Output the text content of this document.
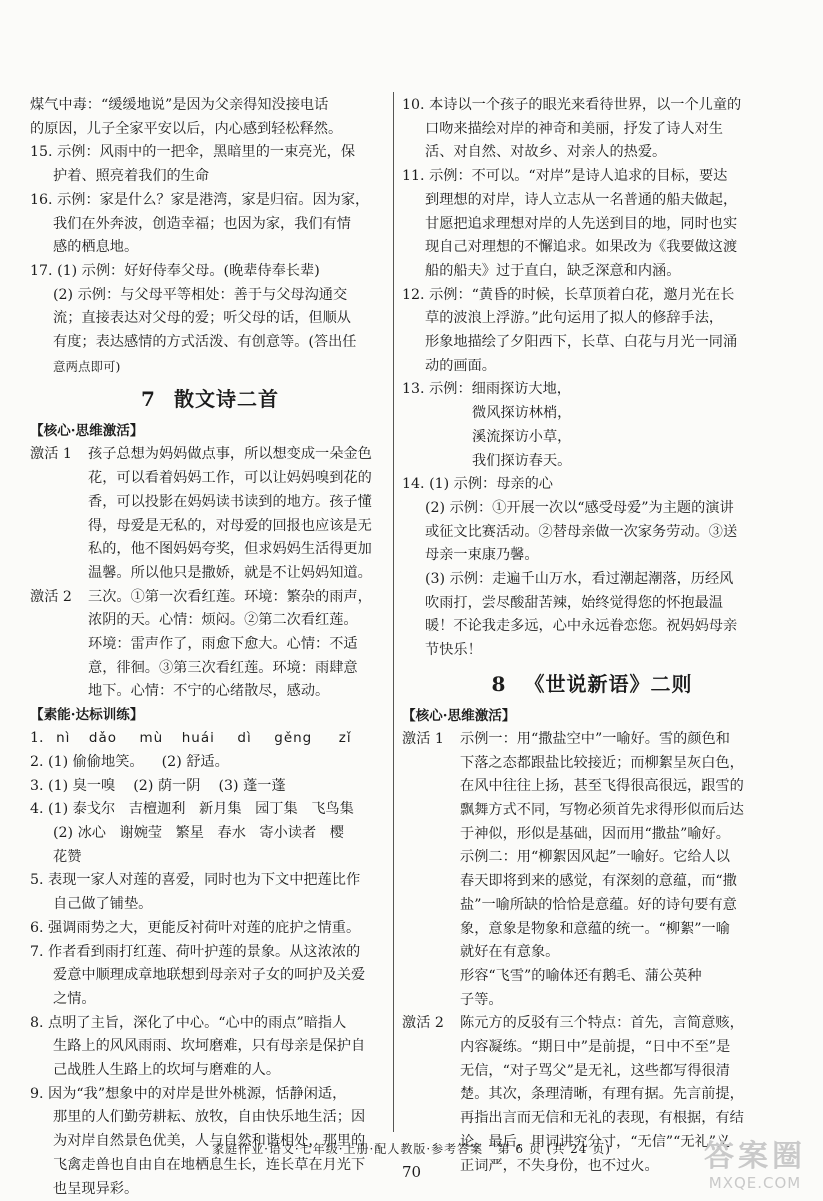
煤气中毒：“缓缓地说”是因为父亲得知没接电话
的原因，儿子全家平安以后，内心感到轻松释然。
15. 示例：风雨中的一把伞，黑暗里的一束亮光，保
护着、照亮着我们的生命
16. 示例：家是什么？家是港湾，家是归宿。因为家，
我们在外奔波，创造幸福；也因为家，我们有情
感的栖息地。
17. (1) 示例：好好侍奉父母。(晚辈侍奉长辈)
(2) 示例：与父母平等相处：善于与父母沟通交
流；直接表达对父母的爱；听父母的话，但顺从
有度；表达感情的方式活泼、有创意等。(答出任
意两点即可)
7 散文诗二首
【核心·思维激活】
激活 1	孩子总想为妈妈做点事，所以想变成一朵金色
花，可以看着妈妈工作，可以让妈妈嗅到花的
香，可以投影在妈妈读书读到的地方。孩子懂
得，母爱是无私的，对母爱的回报也应该是无
私的，他不图妈妈夸奖，但求妈妈生活得更加
温馨。所以他只是撒娇，就是不让妈妈知道。
激活 2	三次。①第一次看红莲。环境：繁杂的雨声，
浓阴的天。心情：烦闷。②第二次看红莲。
环境：雷声作了，雨愈下愈大。心情：不适
意，徘徊。③第三次看红莲。环境：雨肆意
地下。心情：不宁的心绪散尽，感动。
【素能·达标训练】
1. nì dǎo mù huái dì gěng zǐ
2. (1) 偷偷地笑。    (2) 舒适。
3. (1) 臭一嗅    (2) 荫一阴    (3) 蓬一蓬
4. (1) 泰戈尔   吉檀迦利   新月集   园丁集   飞鸟集
(2) 冰心   谢婉莹   繁星   春水   寄小读者   樱
花赞
5. 表现一家人对莲的喜爱，同时也为下文中把莲比作
自己做了铺垫。
6. 强调雨势之大，更能反衬荷叶对莲的庇护之情重。
7. 作者看到雨打红莲、荷叶护莲的景象。从这浓浓的
爱意中顺理成章地联想到母亲对子女的呵护及关爱
之情。
8. 点明了主旨，深化了中心。“心中的雨点”暗指人
生路上的风风雨雨、坎坷磨难，只有母亲是保护自
己战胜人生路上的坎坷与磨难的人。
9. 因为“我”想象中的对岸是世外桃源，恬静闲适，
那里的人们勤劳耕耘、放牧，自由快乐地生活；因
为对岸自然景色优美，人与自然和谐相处，那里的
飞禽走兽也自由自在地栖息生长，连长草在月光下
也呈现异彩。
10. 本诗以一个孩子的眼光来看待世界，以一个儿童的
口吻来描绘对岸的神奇和美丽，抒发了诗人对生
活、对自然、对故乡、对亲人的热爱。
11. 示例：不可以。“对岸”是诗人追求的目标，要达
到理想的对岸，诗人立志从一名普通的船夫做起，
甘愿把追求理想对岸的人先送到目的地，同时也实
现自己对理想的不懈追求。如果改为《我要做这渡
船的船夫》过于直白，缺乏深意和内涵。
12. 示例：“黄昏的时候，长草顶着白花，邀月光在长
草的波浪上浮游。”此句运用了拟人的修辞手法，
形象地描绘了夕阳西下，长草、白花与月光一同涌
动的画面。
13. 示例：细雨探访大地，
微风探访林梢，
溪流探访小草，
我们探访春天。
14. (1) 示例：母亲的心
(2) 示例：①开展一次以“感受母爱”为主题的演讲
或征文比赛活动。②替母亲做一次家务劳动。③送
母亲一束康乃馨。
(3) 示例：走遍千山万水，看过潮起潮落，历经风
吹雨打，尝尽酸甜苦辣，始终觉得您的怀抱最温
暖！不论我走多远，心中永远眷恋您。祝妈妈母亲
节快乐！
8 《世说新语》二则
【核心·思维激活】
激活 1	示例一：用“撒盐空中”一喻好。雪的颜色和
下落之态都跟盐比较接近；而柳絮呈灰白色，
在风中往往上扬，甚至飞得很高很远，跟雪的
飘舞方式不同，写物必须首先求得形似而后达
于神似，形似是基础，因而用“撒盐”喻好。
示例二：用“柳絮因风起”一喻好。它给人以
春天即将到来的感觉，有深刻的意蕴，而“撒
盐”一喻所缺的恰恰是意蕴。好的诗句要有意
象，意象是物象和意蕴的统一。“柳絮”一喻
就好在有意象。
形容“飞雪”的喻体还有鹅毛、蒲公英种
子等。
激活 2	陈元方的反驳有三个特点：首先，言简意赅，
内容凝练。“期日中”是前提，“日中不至”是
无信，“对子骂父”是无礼，这些都写得很清
楚。其次，条理清晰，有理有据。先言前提，
再指出言而无信和无礼的表现，有根据，有结
论。最后，用词讲究分寸，“无信”“无礼”义
正词严，不失身份，也不过火。
家庭作业·语文·七年级·上册·配人教版·参考答案   第 6 页 (共 24 页)
70	答案圈
MXQE.COM
